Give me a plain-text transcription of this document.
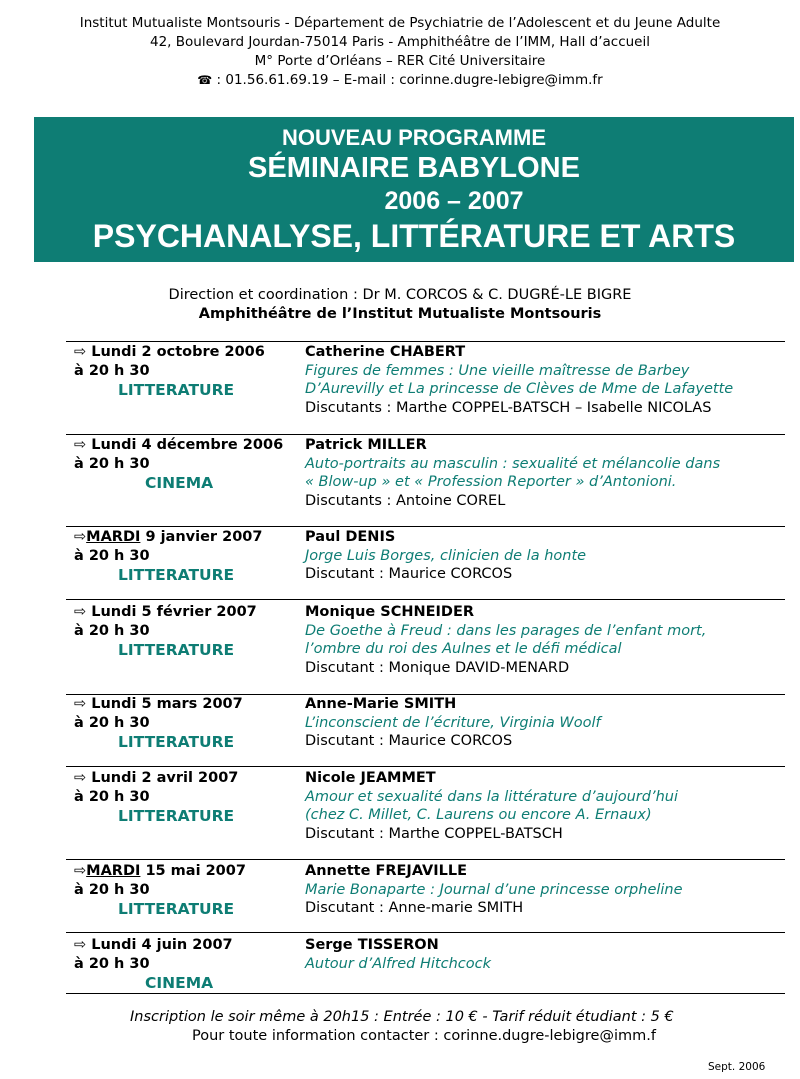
Institut Mutualiste Montsouris - Département de Psychiatrie de l’Adolescent et du Jeune Adulte
42, Boulevard Jourdan-75014 Paris - Amphithéâtre de l’IMM, Hall d’accueil
M° Porte d’Orléans – RER Cité Universitaire
☎ : 01.56.61.69.19 – E-mail : corinne.dugre-lebigre@imm.fr
NOUVEAU PROGRAMME
SÉMINAIRE BABYLONE
2006 – 2007
PSYCHANALYSE, LITTÉRATURE ET ARTS
Direction et coordination : Dr M. CORCOS & C. DUGRÉ-LE BIGRE
Amphithéâtre de l’Institut Mutualiste Montsouris
⇨ Lundi 2 octobre 2006
à 20 h 30
LITTERATURE
Catherine CHABERT
Figures de femmes : Une vieille maîtresse de Barbey
D’Aurevilly et La princesse de Clèves de Mme de Lafayette
Discutants : Marthe COPPEL-BATSCH – Isabelle NICOLAS
⇨ Lundi 4 décembre 2006
à 20 h 30
CINEMA
Patrick MILLER
Auto-portraits au masculin : sexualité et mélancolie dans
« Blow-up » et « Profession Reporter » d’Antonioni.
Discutants : Antoine COREL
⇨MARDI 9 janvier 2007
à 20 h 30
LITTERATURE
Paul DENIS
Jorge Luis Borges, clinicien de la honte
Discutant : Maurice CORCOS
⇨ Lundi 5 février 2007
à 20 h 30
LITTERATURE
Monique SCHNEIDER
De Goethe à Freud : dans les parages de l’enfant mort,
l’ombre du roi des Aulnes et le défi médical
Discutant : Monique DAVID-MENARD
⇨ Lundi 5 mars 2007
à 20 h 30
LITTERATURE
Anne-Marie SMITH
L’inconscient de l’écriture, Virginia Woolf
Discutant : Maurice CORCOS
⇨ Lundi 2 avril 2007
à 20 h 30
LITTERATURE
Nicole JEAMMET
Amour et sexualité dans la littérature d’aujourd’hui
(chez C. Millet, C. Laurens ou encore A. Ernaux)
Discutant : Marthe COPPEL-BATSCH
⇨MARDI 15 mai 2007
à 20 h 30
LITTERATURE
Annette FREJAVILLE
Marie Bonaparte : Journal d’une princesse orpheline
Discutant : Anne-marie SMITH
⇨ Lundi 4 juin 2007
à 20 h 30
CINEMA
Serge TISSERON
Autour d’Alfred Hitchcock
Inscription le soir même à 20h15 : Entrée : 10 € - Tarif réduit étudiant : 5 €
Pour toute information contacter : corinne.dugre-lebigre@imm.f
Sept. 2006
